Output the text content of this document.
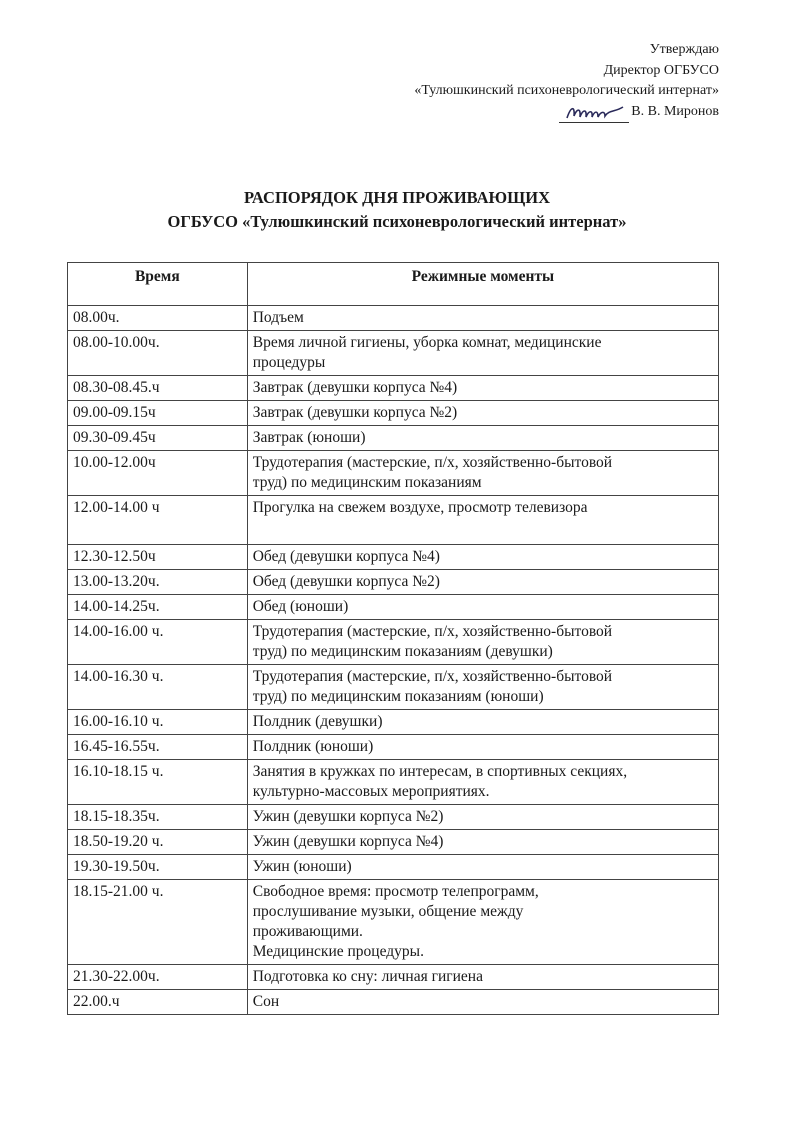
Утверждаю
Директор ОГБУСО
«Тулюшкинский психоневрологический интернат»
В. В. Миронов
РАСПОРЯДОК ДНЯ ПРОЖИВАЮЩИХ
ОГБУСО «Тулюшкинский психоневрологический интернат»
Время	Режимные моменты
08.00ч.	Подъем
08.00-10.00ч.	Время личной гигиены, уборка комнат, медицинские
процедуры
08.30-08.45.ч	Завтрак (девушки корпуса №4)
09.00-09.15ч	Завтрак (девушки корпуса №2)
09.30-09.45ч	Завтрак (юноши)
10.00-12.00ч	Трудотерапия (мастерские, п/х, хозяйственно-бытовой
труд) по медицинским показаниям
12.00-14.00 ч	Прогулка на свежем воздухе, просмотр телевизора
12.30-12.50ч	Обед (девушки корпуса №4)
13.00-13.20ч.	Обед (девушки корпуса №2)
14.00-14.25ч.	Обед (юноши)
14.00-16.00 ч.	Трудотерапия (мастерские, п/х, хозяйственно-бытовой
труд) по медицинским показаниям (девушки)
14.00-16.30 ч.	Трудотерапия (мастерские, п/х, хозяйственно-бытовой
труд) по медицинским показаниям (юноши)
16.00-16.10 ч.	Полдник (девушки)
16.45-16.55ч.	Полдник (юноши)
16.10-18.15 ч.	Занятия в кружках по интересам, в спортивных секциях,
культурно-массовых мероприятиях.
18.15-18.35ч.	Ужин (девушки корпуса №2)
18.50-19.20 ч.	Ужин (девушки корпуса №4)
19.30-19.50ч.	Ужин (юноши)
18.15-21.00 ч.	Свободное время: просмотр телепрограмм,
прослушивание музыки, общение между
проживающими.
Медицинские процедуры.
21.30-22.00ч.	Подготовка ко сну: личная гигиена
22.00.ч	Сон
